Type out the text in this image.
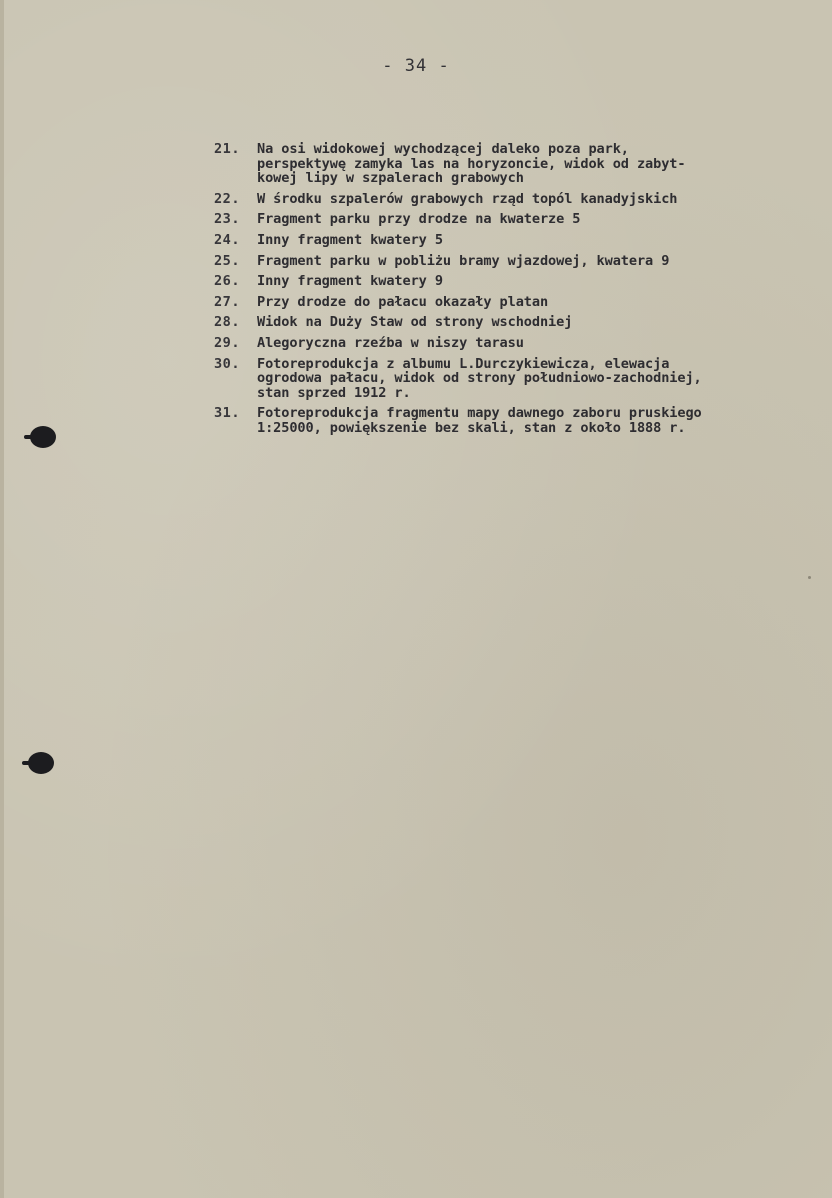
- 34 -
21.	Na osi widokowej wychodzącej daleko poza park,
perspektywę zamyka las na horyzoncie, widok od zabyt-
kowej lipy w szpalerach grabowych
22.	W środku szpalerów grabowych rząd topól kanadyjskich
23.	Fragment parku przy drodze na kwaterze 5
24.	Inny fragment kwatery 5
25.	Fragment parku w pobliżu bramy wjazdowej, kwatera 9
26.	Inny fragment kwatery 9
27.	Przy drodze do pałacu okazały platan
28.	Widok na Duży Staw od strony wschodniej
29.	Alegoryczna rzeźba w niszy tarasu
30.	Fotoreprodukcja z albumu L.Durczykiewicza, elewacja
ogrodowa pałacu, widok od strony południowo-zachodniej,
stan sprzed 1912 r.
31.	Fotoreprodukcja fragmentu mapy dawnego zaboru pruskiego
1:25000, powiększenie bez skali, stan z około 1888 r.
